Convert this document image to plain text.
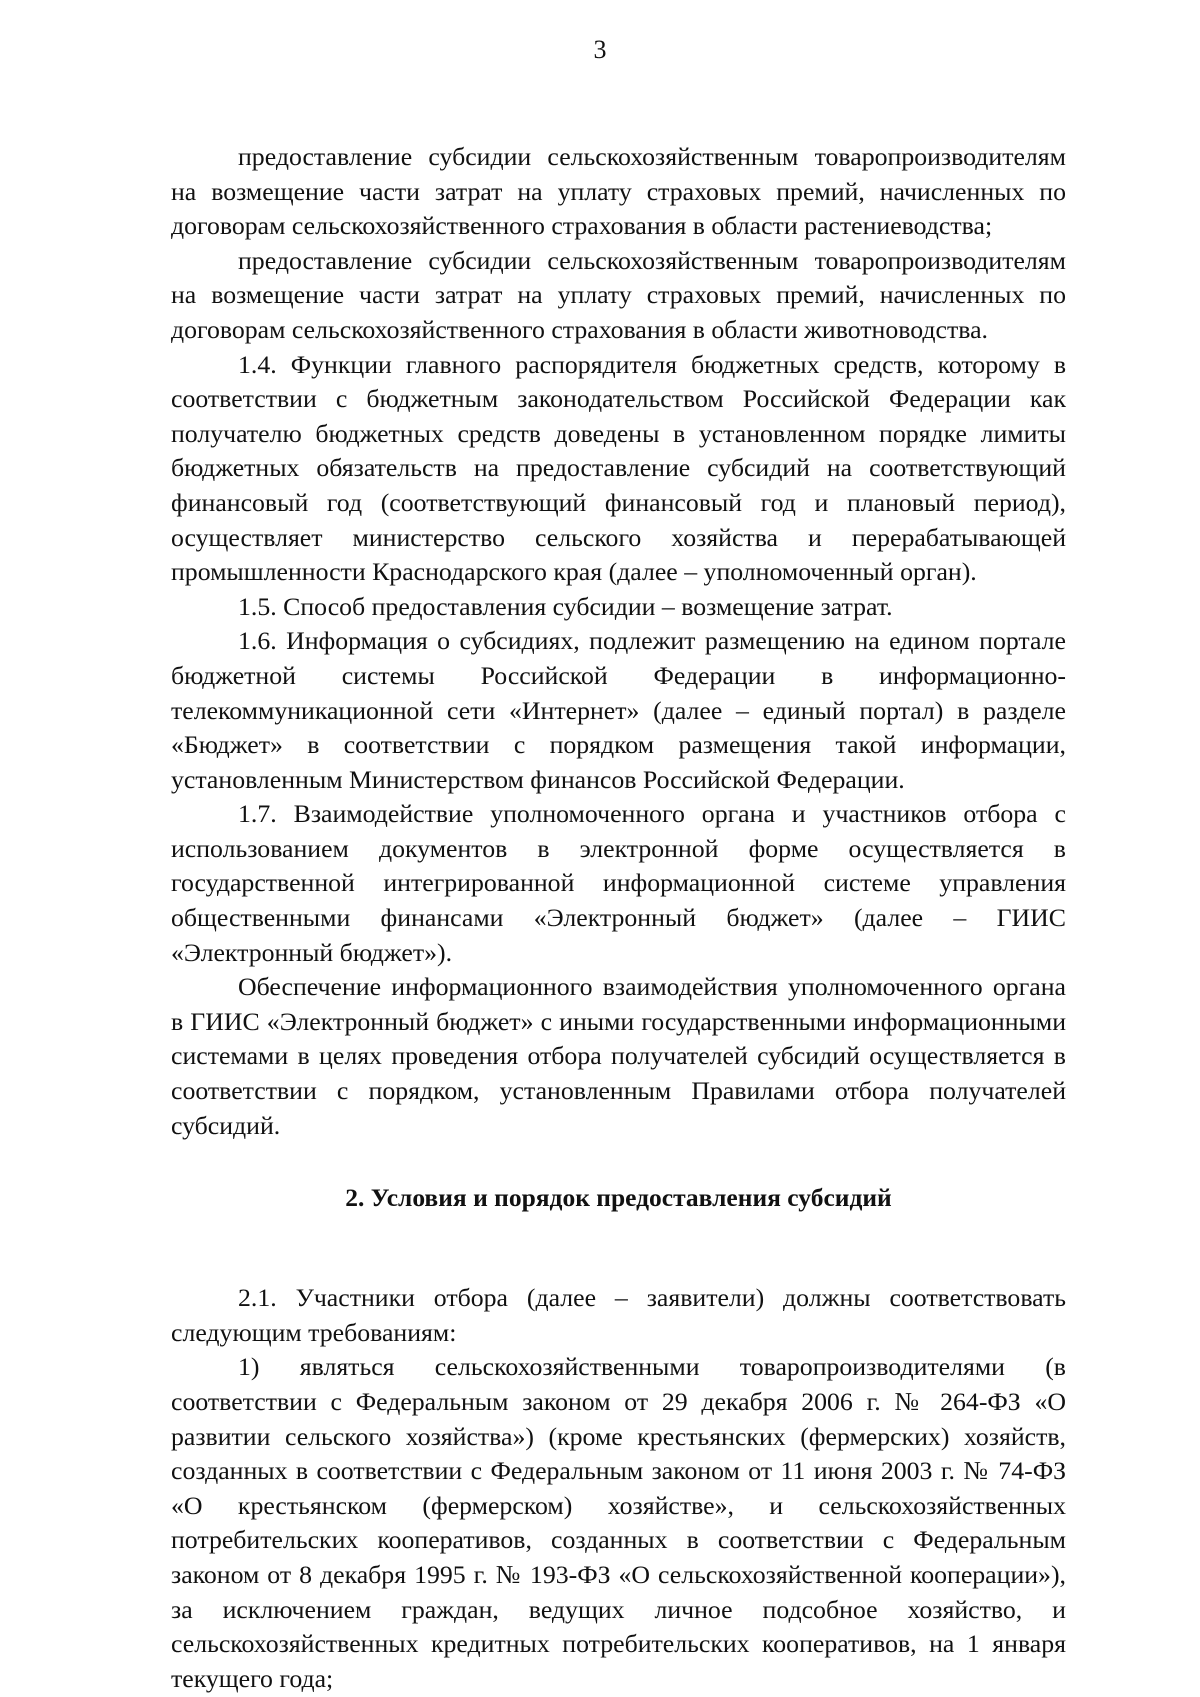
3

предоставление субсидии сельскохозяйственным товаропроизводителям на возмещение части затрат на уплату страховых премий, начисленных по договорам сельскохозяйственного страхования в области растениеводства;

предоставление субсидии сельскохозяйственным товаропроизводителям на возмещение части затрат на уплату страховых премий, начисленных по договорам сельскохозяйственного страхования в области животноводства.

1.4. Функции главного распорядителя бюджетных средств, которому в соответствии с бюджетным законодательством Российской Федерации как получателю бюджетных средств доведены в установленном порядке лимиты бюджетных обязательств на предоставление субсидий на соответствующий финансовый год (соответствующий финансовый год и плановый период), осуществляет министерство сельского хозяйства и перерабатывающей промышленности Краснодарского края (далее – уполномоченный орган).

1.5. Способ предоставления субсидии – возмещение затрат.

1.6. Информация о субсидиях, подлежит размещению на едином портале бюджетной системы Российской Федерации в информационно-телекоммуникационной сети «Интернет» (далее – единый портал) в разделе «Бюджет» в соответствии с порядком размещения такой информации, установленным Министерством финансов Российской Федерации.

1.7. Взаимодействие уполномоченного органа и участников отбора с использованием документов в электронной форме осуществляется в государственной интегрированной информационной системе управления общественными финансами «Электронный бюджет» (далее – ГИИС «Электронный бюджет»).

Обеспечение информационного взаимодействия уполномоченного органа в ГИИС «Электронный бюджет» с иными государственными информационными системами в целях проведения отбора получателей субсидий осуществляется в соответствии с порядком, установленным Правилами отбора получателей субсидий.

2. Условия и порядок предоставления субсидий

2.1. Участники отбора (далее – заявители) должны соответствовать следующим требованиям:

1) являться сельскохозяйственными товаропроизводителями (в соответствии с Федеральным законом от 29 декабря 2006 г. № 264-ФЗ «О развитии сельского хозяйства») (кроме крестьянских (фермерских) хозяйств, созданных в соответствии с Федеральным законом от 11 июня 2003 г. № 74-ФЗ «О крестьянском (фермерском) хозяйстве», и сельскохозяйственных потребительских кооперативов, созданных в соответствии с Федеральным законом от 8 декабря 1995 г. № 193-ФЗ «О сельскохозяйственной кооперации»), за исключением граждан, ведущих личное подсобное хозяйство, и сельскохозяйственных кредитных потребительских кооперативов, на 1 января текущего года;
